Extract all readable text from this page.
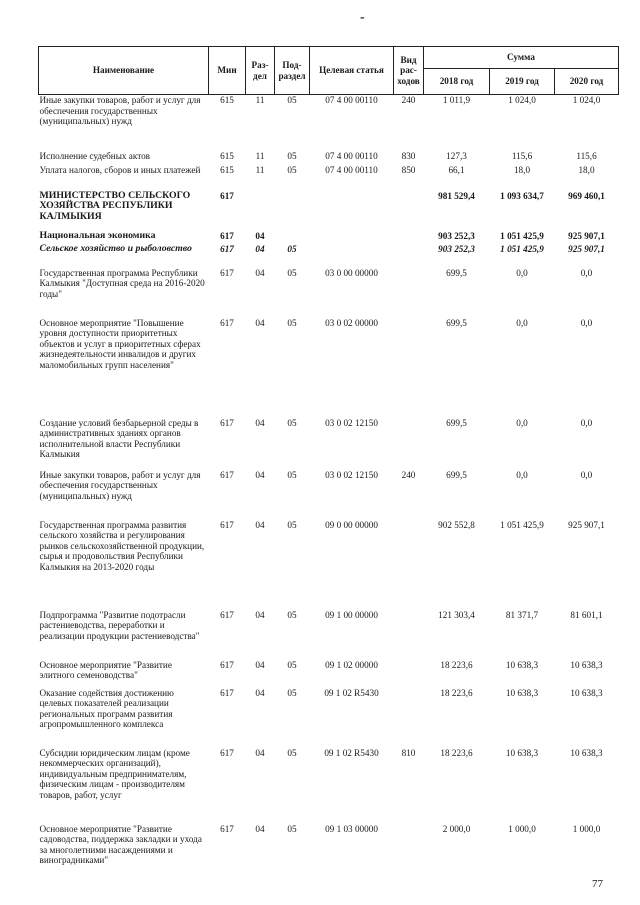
-
Наименование	Мин	Раз-дел	Под-раздел	Целевая статья	Вид рас-ходов	Сумма		
						2018 год	2019 год	2020 год
Иные закупки товаров, работ и услуг для обеспечения государственных (муниципальных) нужд	615	11	05	07 4 00 00110	240	1 011,9	1 024,0	1 024,0
Исполнение судебных актов	615	11	05	07 4 00 00110	830	127,3	115,6	115,6
Уплата налогов, сборов и иных платежей	615	11	05	07 4 00 00110	850	66,1	18,0	18,0
МИНИСТЕРСТВО СЕЛЬСКОГО ХОЗЯЙСТВА РЕСПУБЛИКИ КАЛМЫКИЯ	617					981 529,4	1 093 634,7	969 460,1
Национальная экономика	617	04				903 252,3	1 051 425,9	925 907,1
Сельское хозяйство и рыболовство	617	04	05			903 252,3	1 051 425,9	925 907,1
Государственная программа Республики Калмыкия "Доступная среда на 2016-2020 годы"	617	04	05	03 0 00 00000		699,5	0,0	0,0
Основное мероприятие "Повышение уровня доступности приоритетных объектов и услуг в приоритетных сферах жизнедеятельности инвалидов и других маломобильных групп населения"	617	04	05	03 0 02 00000		699,5	0,0	0,0
Создание условий безбарьерной среды в административных зданиях органов исполнительной власти Республики Калмыкия	617	04	05	03 0 02 12150		699,5	0,0	0,0
Иные закупки товаров, работ и услуг для обеспечения государственных (муниципальных) нужд	617	04	05	03 0 02 12150	240	699,5	0,0	0,0
Государственная программа развития сельского хозяйства и регулирования рынков сельскохозяйственной продукции, сырья и продовольствия Республики Калмыкия на 2013-2020 годы	617	04	05	09 0 00 00000		902 552,8	1 051 425,9	925 907,1
Подпрограмма "Развитие подотрасли растениеводства, переработки и реализации продукции растениеводства"	617	04	05	09 1 00 00000		121 303,4	81 371,7	81 601,1
Основное мероприятие "Развитие элитного семеноводства"	617	04	05	09 1 02 00000		18 223,6	10 638,3	10 638,3
Оказание содействия достижению целевых показателей реализации региональных программ развития агропромышленного комплекса	617	04	05	09 1 02 R5430		18 223,6	10 638,3	10 638,3
Субсидии юридическим лицам (кроме некоммерческих организаций), индивидуальным предпринимателям, физическим лицам - производителям товаров, работ, услуг	617	04	05	09 1 02 R5430	810	18 223,6	10 638,3	10 638,3
Основное мероприятие "Развитие садоводства, поддержка закладки и ухода за многолетними насаждениями и виноградниками"	617	04	05	09 1 03 00000		2 000,0	1 000,0	1 000,0
77
